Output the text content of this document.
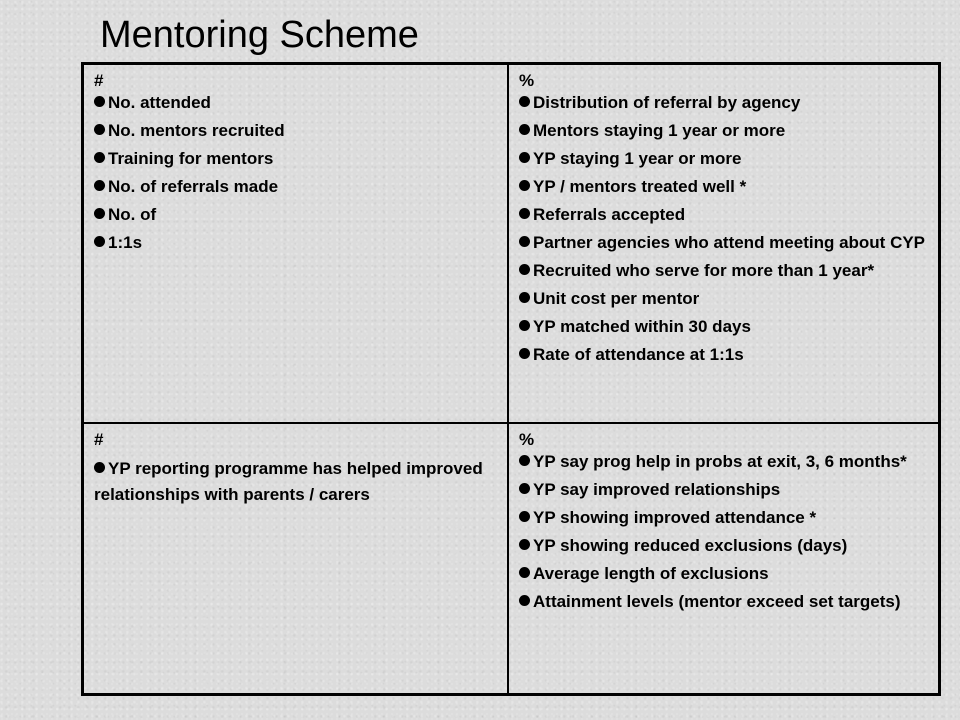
Mentoring Scheme
#
No. attended
No. mentors recruited
Training for mentors
No. of referrals made
No. of
1:1s
%
Distribution of referral by agency
Mentors staying 1 year or more
YP staying 1 year or more
YP / mentors treated well *
Referrals accepted
Partner agencies who attend meeting about CYP
Recruited who serve for more than 1 year*
Unit cost per mentor
YP matched within 30 days
Rate of attendance at 1:1s
#
YP reporting programme has helped improved relationships with parents / carers
%
YP say prog help in probs at exit, 3, 6 months*
YP say improved relationships
YP showing improved attendance *
YP showing reduced exclusions (days)
Average length of exclusions
Attainment levels (mentor exceed set targets)
